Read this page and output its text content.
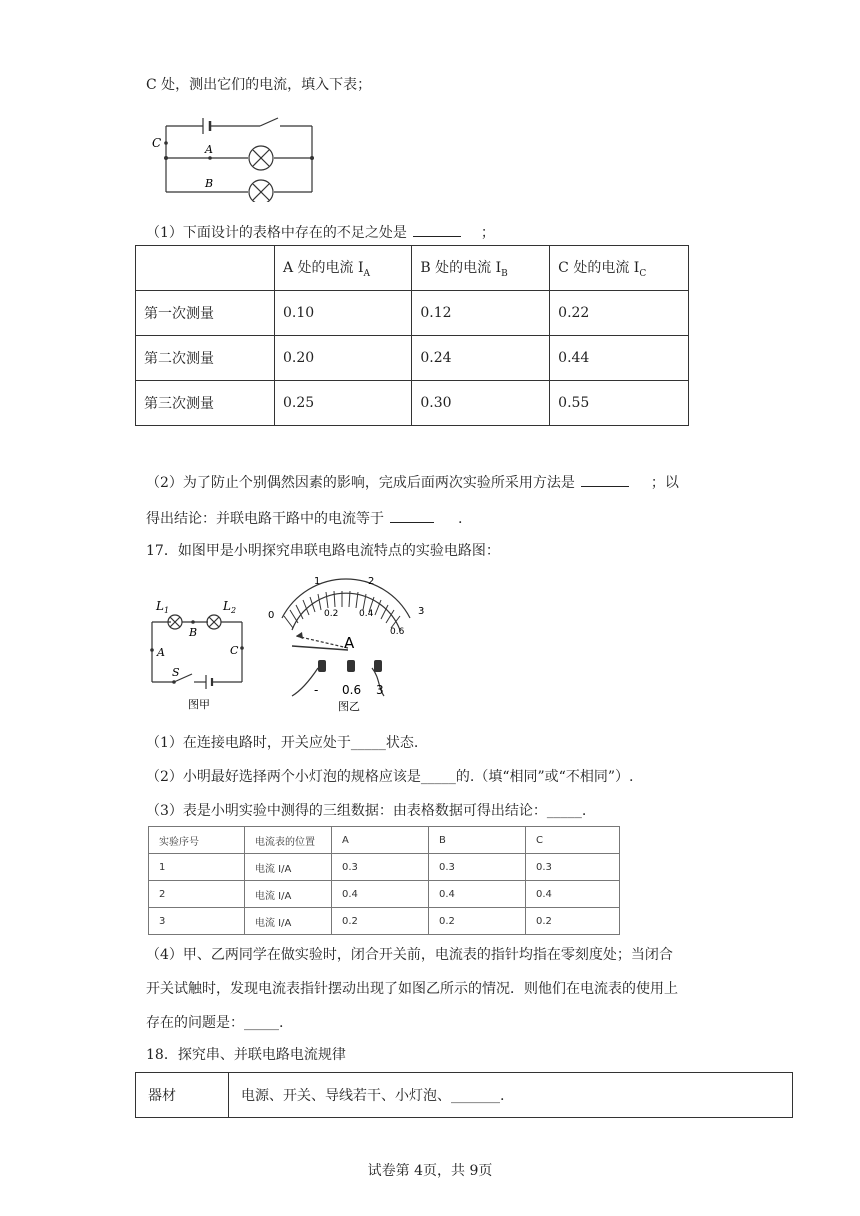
C 处，测出它们的电流，填入下表；
C	A
B
（1）下面设计的表格中存在的不足之处是	；
	A 处的电流 $I_A$	B 处的电流 $I_B$	C 处的电流 $I_C$
第一次测量	0.10	0.12	0.22
第二次测量	0.20	0.24	0.44
第三次测量	0.25	0.30	0.55
（2）为了防止个别偶然因素的影响，完成后面两次实验所采用方法是	；以
得出结论：并联电路干路中的电流等于	.
17．如图甲是小明探究串联电路电流特点的实验电路图：
L 1	L 2
B
A	C
S
图甲
0
1	2
3
0.2 0.4
0.6
A
- 0.6 3
图乙
（1）在连接电路时，开关应处于_____状态.
（2）小明最好选择两个小灯泡的规格应该是_____的.（填“相同”或“不相同”）.
（3）表是小明实验中测得的三组数据：由表格数据可得出结论：_____.
实验序号	电流表的位置	A	B	C
1	电流 I/A	0.3	0.3	0.3
2	电流 I/A	0.4	0.4	0.4
3	电流 I/A	0.2	0.2	0.2
（4）甲、乙两同学在做实验时，闭合开关前，电流表的指针均指在零刻度处；当闭合
开关试触时，发现电流表指针摆动出现了如图乙所示的情况．则他们在电流表的使用上
存在的问题是：_____.
18．探究串、并联电路电流规律
器材	电源、开关、导线若干、小灯泡、_______.
试卷第 4页，共 9页
